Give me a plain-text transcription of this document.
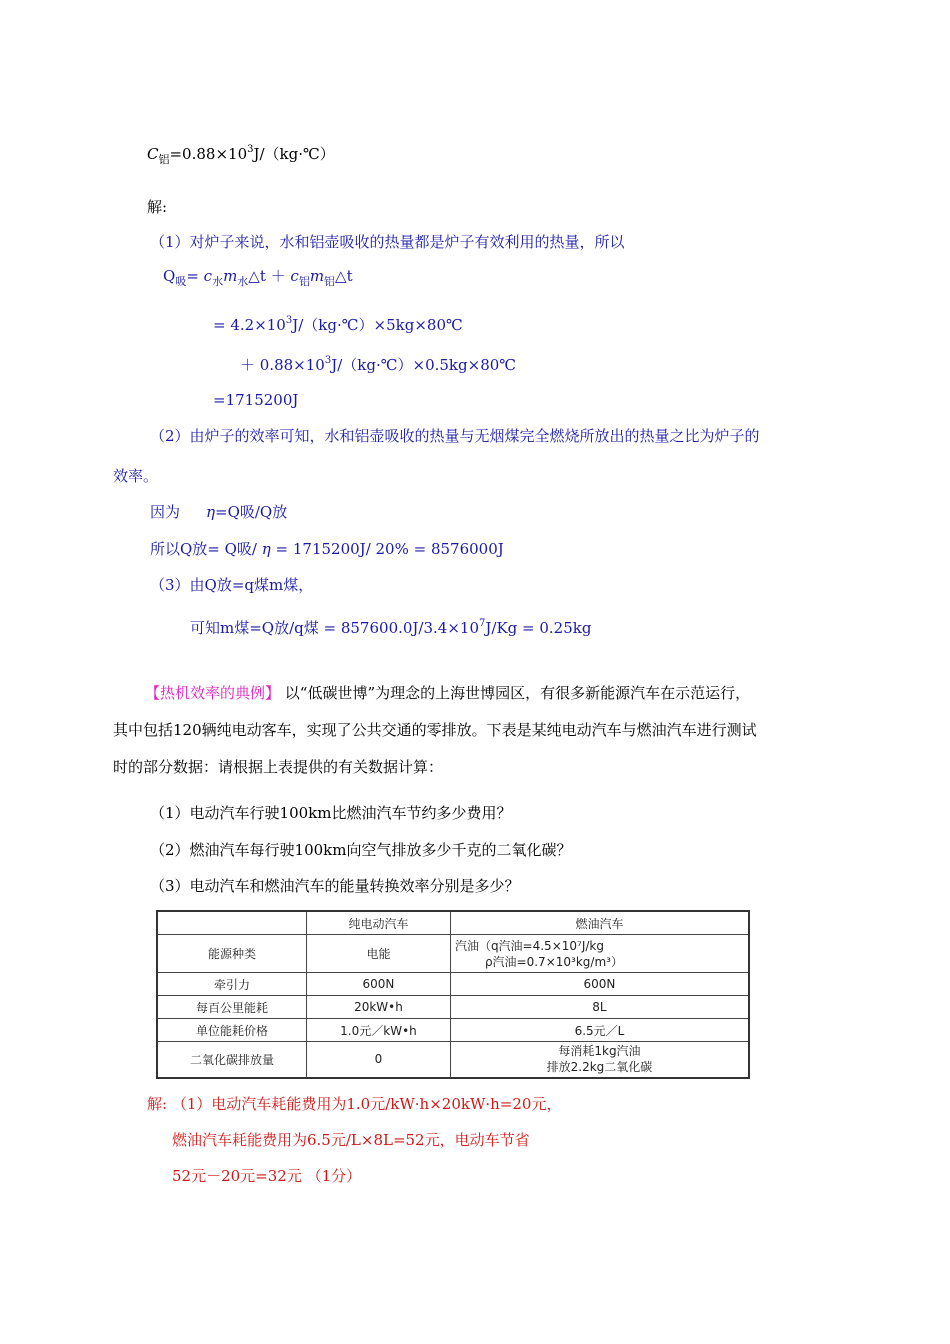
$C_铝=0.88\times 10^3J/(kg\cdot℃)$
解:
（1）对炉子来说，水和铝壶吸收的热量都是炉子有效利用的热量，所以
$Q_吸=$ $c_水m_水\triangle t$ ＋ $c_铝m_铝\triangle t$
= $4.2\times 10^3J/(kg\cdot℃)\times 5kg\times 80℃$
＋ $0.88\times 10^3J/(kg\cdot℃)\times 0.5kg\times 80℃$
=1715200J
（2）由炉子的效率可知，水和铝壶吸收的热量与无烟煤完全燃烧所放出的热量之比为炉子的
效率。
因为 η=Q吸/Q放
所以Q放= Q吸/ η = 1715200J/ 20% = 8576000J
（3）由Q放=q煤m煤，
可知m煤=Q放/q煤 = $857600.0J/3.4\times 10^7J/Kg = 0.25kg$
【热机效率的典例】 以“低碳世博”为理念的上海世博园区，有很多新能源汽车在示范运行，
其中包括120辆纯电动客车，实现了公共交通的零排放。下表是某纯电动汽车与燃油汽车进行测试
时的部分数据：请根据上表提供的有关数据计算：
（1）电动汽车行驶100km比燃油汽车节约多少费用？
（2）燃油汽车每行驶100km向空气排放多少千克的二氧化碳？
（3）电动汽车和燃油汽车的能量转换效率分别是多少？
	纯电动汽车	燃油汽车
能源种类	电能	汽油（q汽油=4.5×10⁷J/kg
ρ汽油=0.7×10³kg/m³）

牵引力	600N	600N
每百公里能耗	20kW•h	8L
单位能耗价格	1.0元／kW•h	6.5元／L
二氧化碳排放量	0	每消耗1kg汽油
排放2.2kg二氧化碳
解: （1）电动汽车耗能费用为1.0元/kW·h×20kW·h=20元，
燃油汽车耗能费用为6.5元/L×8L=52元，电动车节省
52元－20元=32元 （1分）
